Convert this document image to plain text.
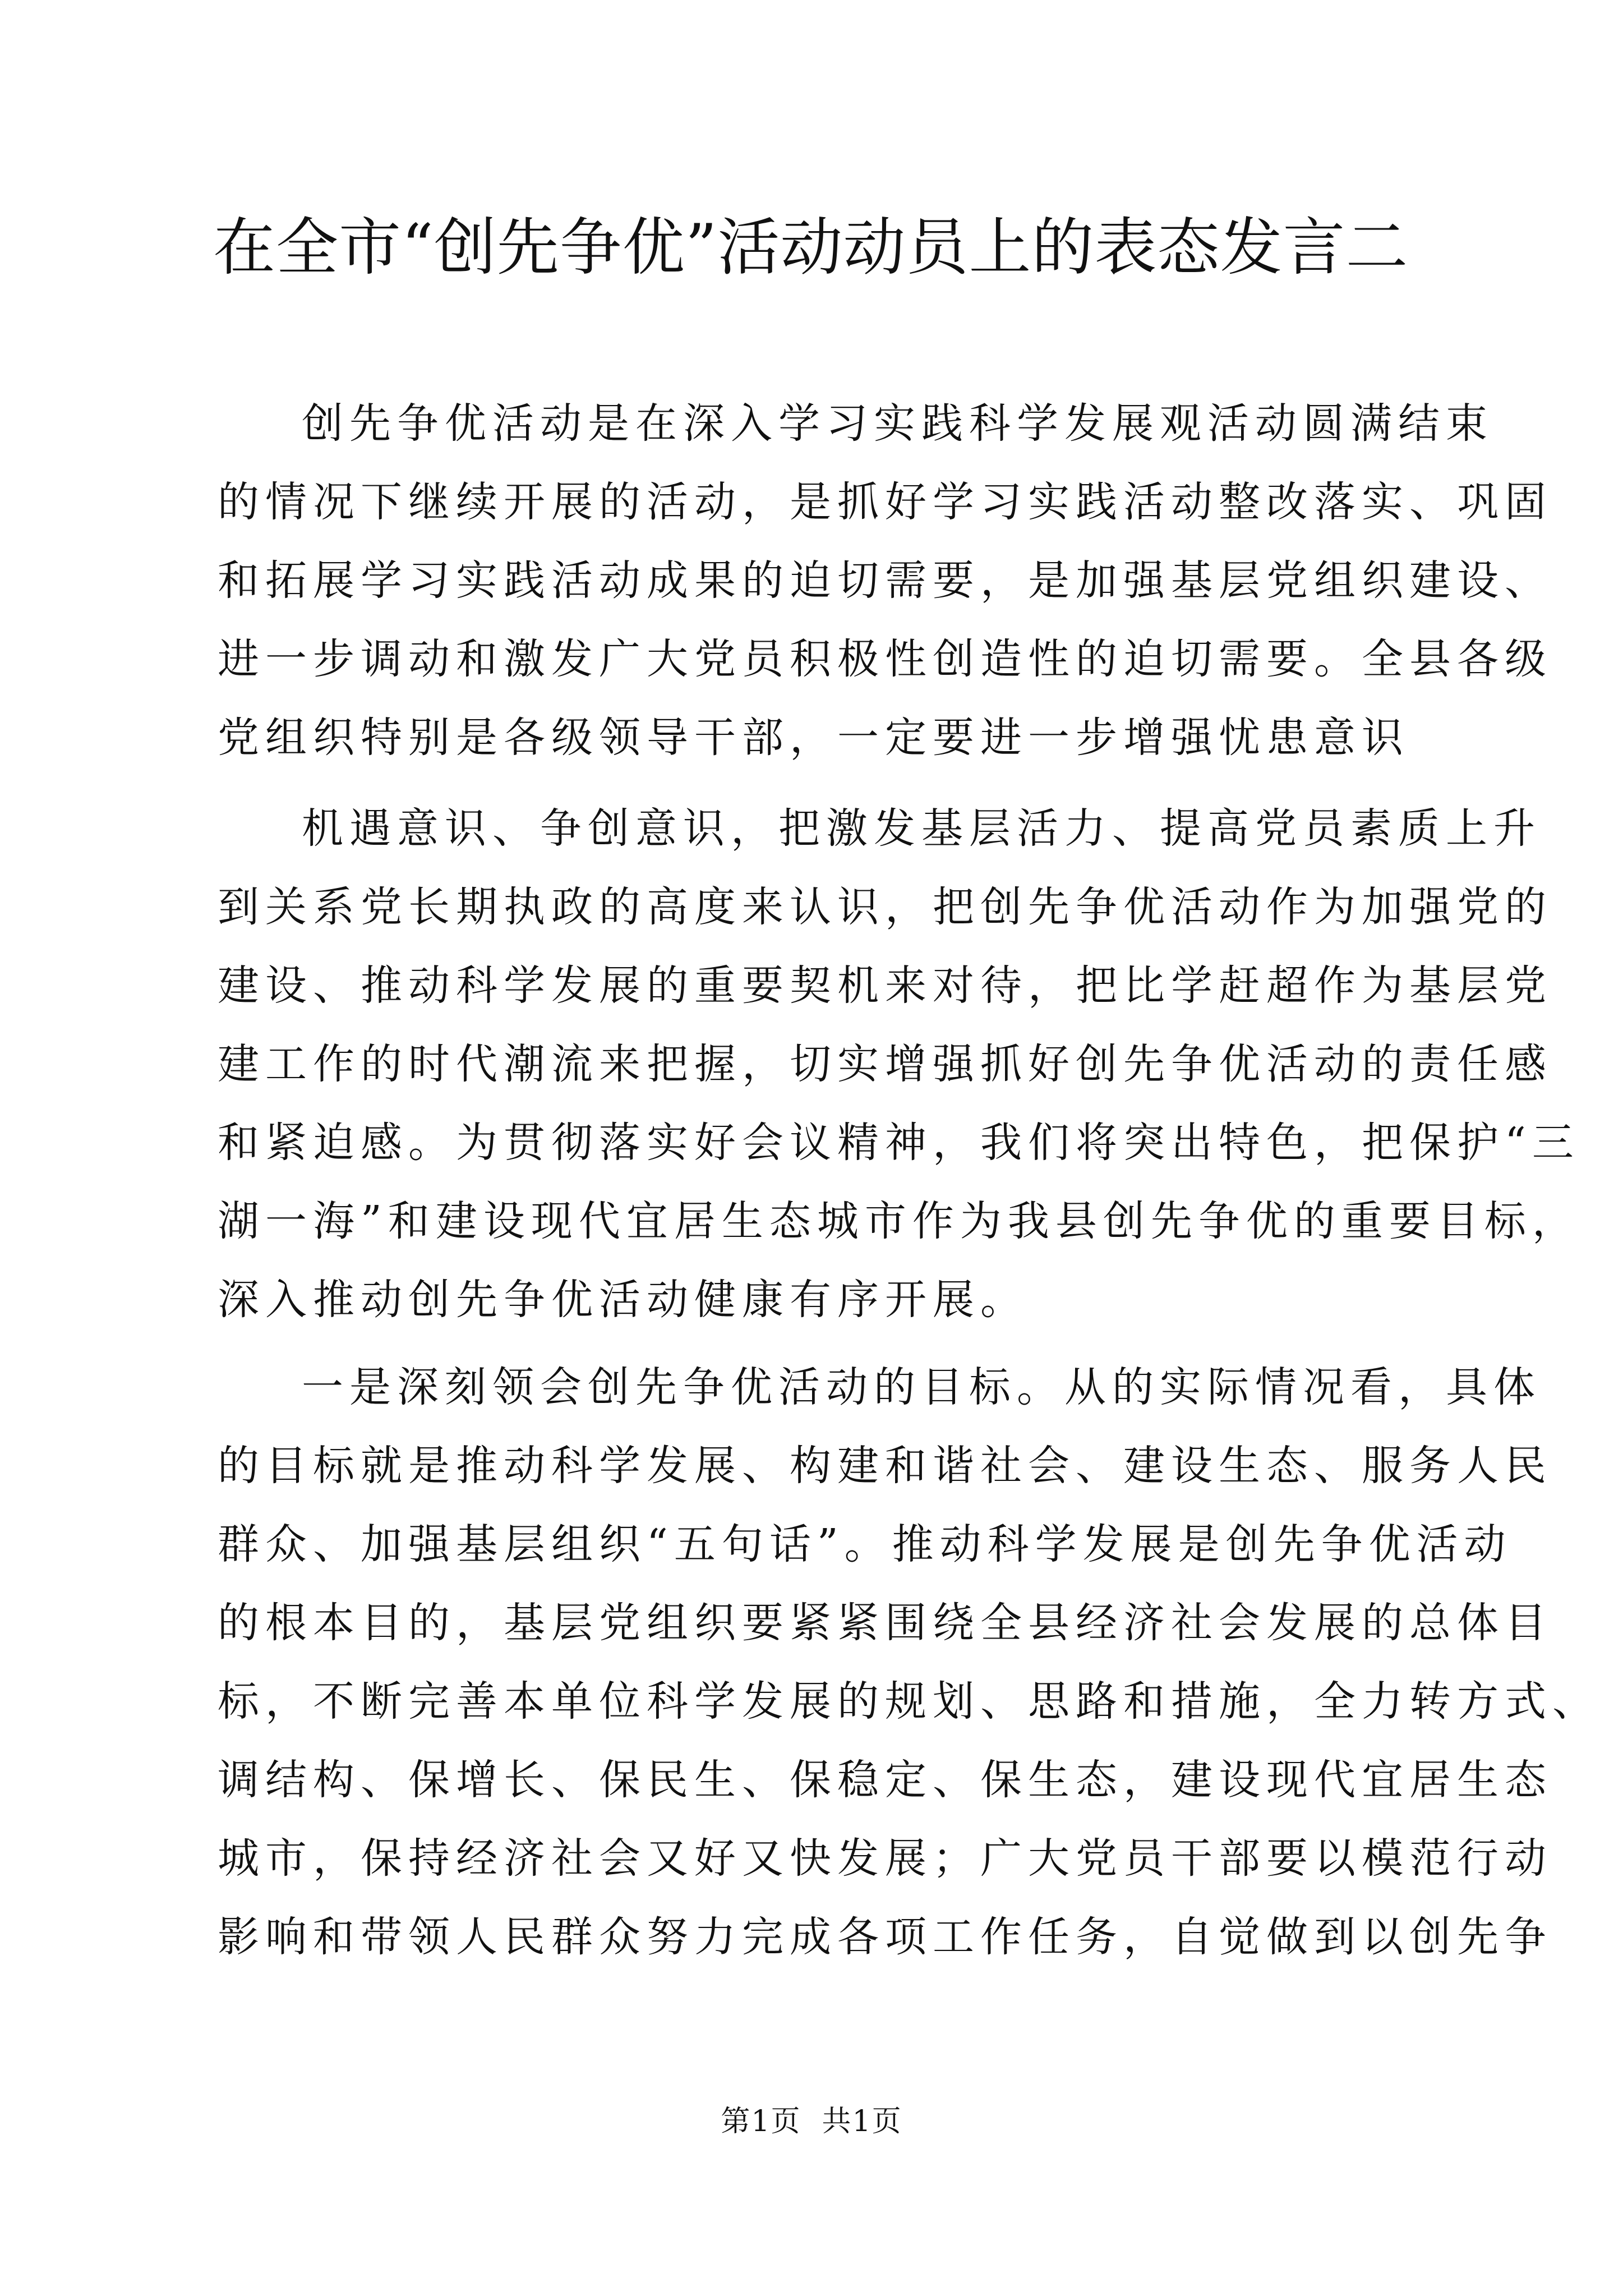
在全市“创先争优”活动动员上的表态发言二
创先争优活动是在深入学习实践科学发展观活动圆满结束
的情况下继续开展的活动，是抓好学习实践活动整改落实、巩固
和拓展学习实践活动成果的迫切需要，是加强基层党组织建设、
进一步调动和激发广大党员积极性创造性的迫切需要。全县各级
党组织特别是各级领导干部，一定要进一步增强忧患意识
机遇意识、争创意识，把激发基层活力、提高党员素质上升
到关系党长期执政的高度来认识，把创先争优活动作为加强党的
建设、推动科学发展的重要契机来对待，把比学赶超作为基层党
建工作的时代潮流来把握，切实增强抓好创先争优活动的责任感
和紧迫感。为贯彻落实好会议精神，我们将突出特色，把保护“三
湖一海”和建设现代宜居生态城市作为我县创先争优的重要目标，
深入推动创先争优活动健康有序开展。
一是深刻领会创先争优活动的目标。从的实际情况看，具体
的目标就是推动科学发展、构建和谐社会、建设生态、服务人民
群众、加强基层组织“五句话”。推动科学发展是创先争优活动
的根本目的，基层党组织要紧紧围绕全县经济社会发展的总体目
标，不断完善本单位科学发展的规划、思路和措施，全力转方式、
调结构、保增长、保民生、保稳定、保生态，建设现代宜居生态
城市，保持经济社会又好又快发展；广大党员干部要以模范行动
影响和带领人民群众努力完成各项工作任务，自觉做到以创先争
第1页  共1页
